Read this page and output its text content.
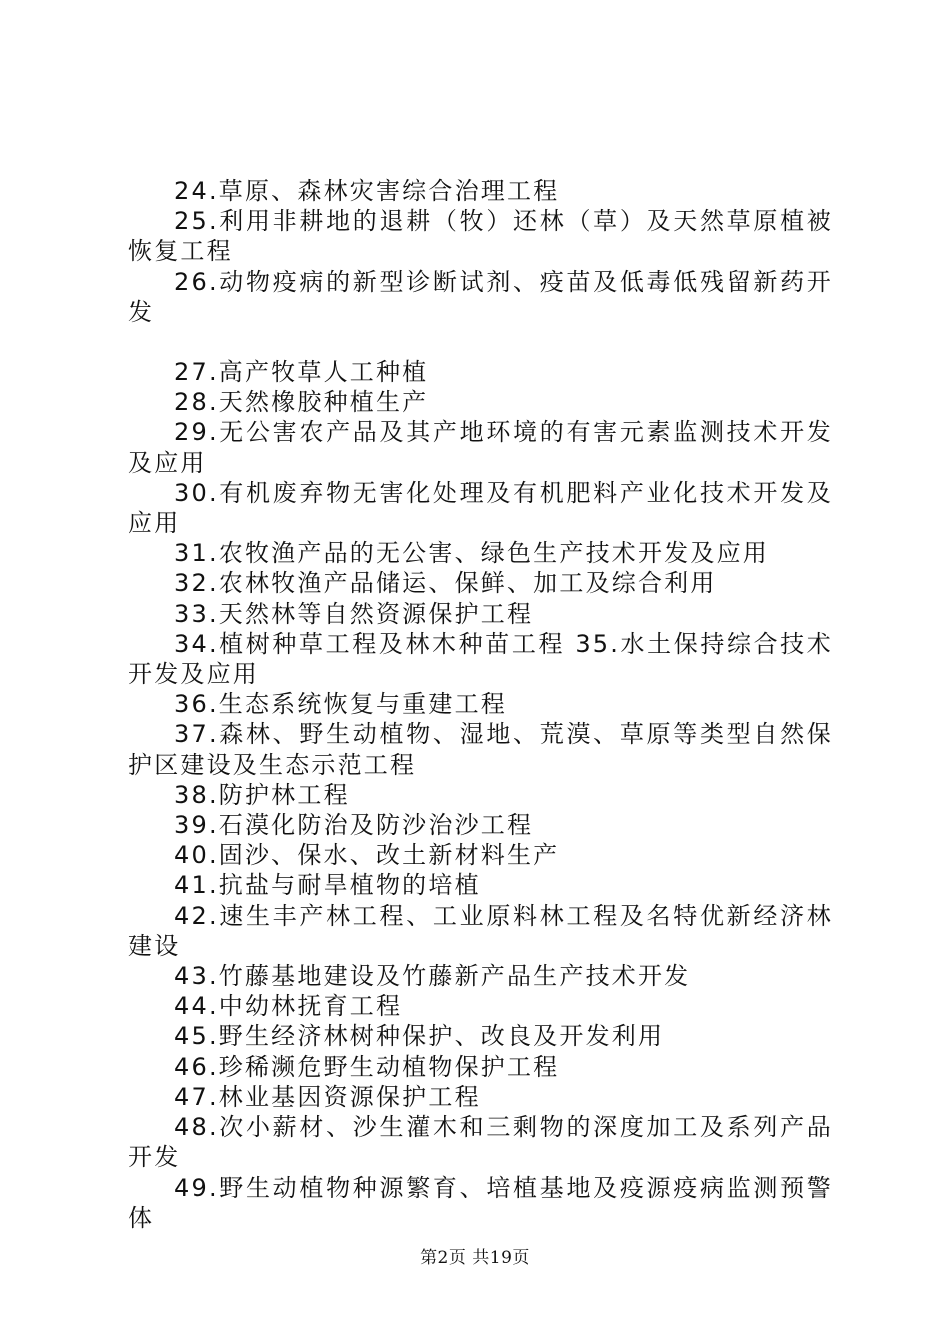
24.草原、森林灾害综合治理工程

25.利用非耕地的退耕（牧）还林（草）及天然草原植被恢复工程

26.动物疫病的新型诊断试剂、疫苗及低毒低残留新药开发

27.高产牧草人工种植

28.天然橡胶种植生产

29.无公害农产品及其产地环境的有害元素监测技术开发及应用

30.有机废弃物无害化处理及有机肥料产业化技术开发及应用

31.农牧渔产品的无公害、绿色生产技术开发及应用

32.农林牧渔产品储运、保鲜、加工及综合利用

33.天然林等自然资源保护工程

34.植树种草工程及林木种苗工程 35.水土保持综合技术开发及应用

36.生态系统恢复与重建工程

37.森林、野生动植物、湿地、荒漠、草原等类型自然保护区建设及生态示范工程

38.防护林工程

39.石漠化防治及防沙治沙工程

40.固沙、保水、改土新材料生产

41.抗盐与耐旱植物的培植

42.速生丰产林工程、工业原料林工程及名特优新经济林建设

43.竹藤基地建设及竹藤新产品生产技术开发

44.中幼林抚育工程

45.野生经济林树种保护、改良及开发利用

46.珍稀濒危野生动植物保护工程

47.林业基因资源保护工程

48.次小薪材、沙生灌木和三剩物的深度加工及系列产品开发

49.野生动植物种源繁育、培植基地及疫源疫病监测预警体

第2页 共19页
